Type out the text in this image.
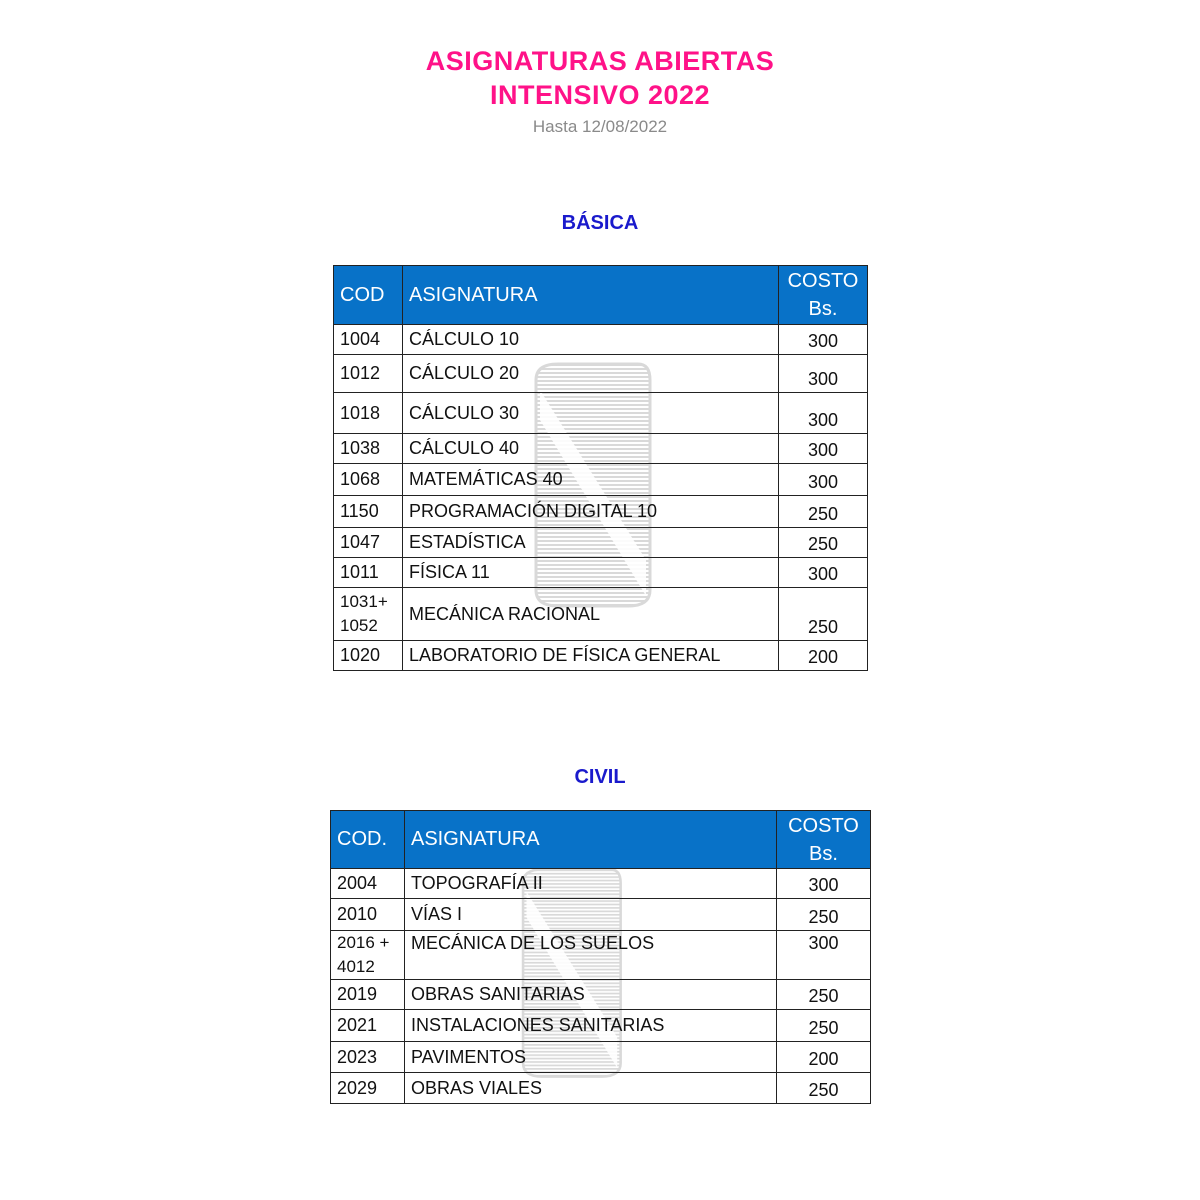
ASIGNATURAS ABIERTAS
INTENSIVO 2022
Hasta 12/08/2022
BÁSICA
COD	ASIGNATURA	COSTO
Bs.
1004	CÁLCULO 10	300
1012	CÁLCULO 20	300
1018	CÁLCULO 30	300
1038	CÁLCULO 40	300
1068	MATEMÁTICAS 40	300
1150	PROGRAMACIÓN DIGITAL 10	250
1047	ESTADÍSTICA	250
1011	FÍSICA 11	300
1031+
1052	MECÁNICA RACIONAL	250
1020	LABORATORIO DE FÍSICA GENERAL	200
CIVIL
COD.	ASIGNATURA	COSTO
Bs.
2004	TOPOGRAFÍA II	300
2010	VÍAS I	250
2016 +
4012	MECÁNICA DE LOS SUELOS	300
2019	OBRAS SANITARIAS	250
2021	INSTALACIONES SANITARIAS	250
2023	PAVIMENTOS	200
2029	OBRAS VIALES	250
